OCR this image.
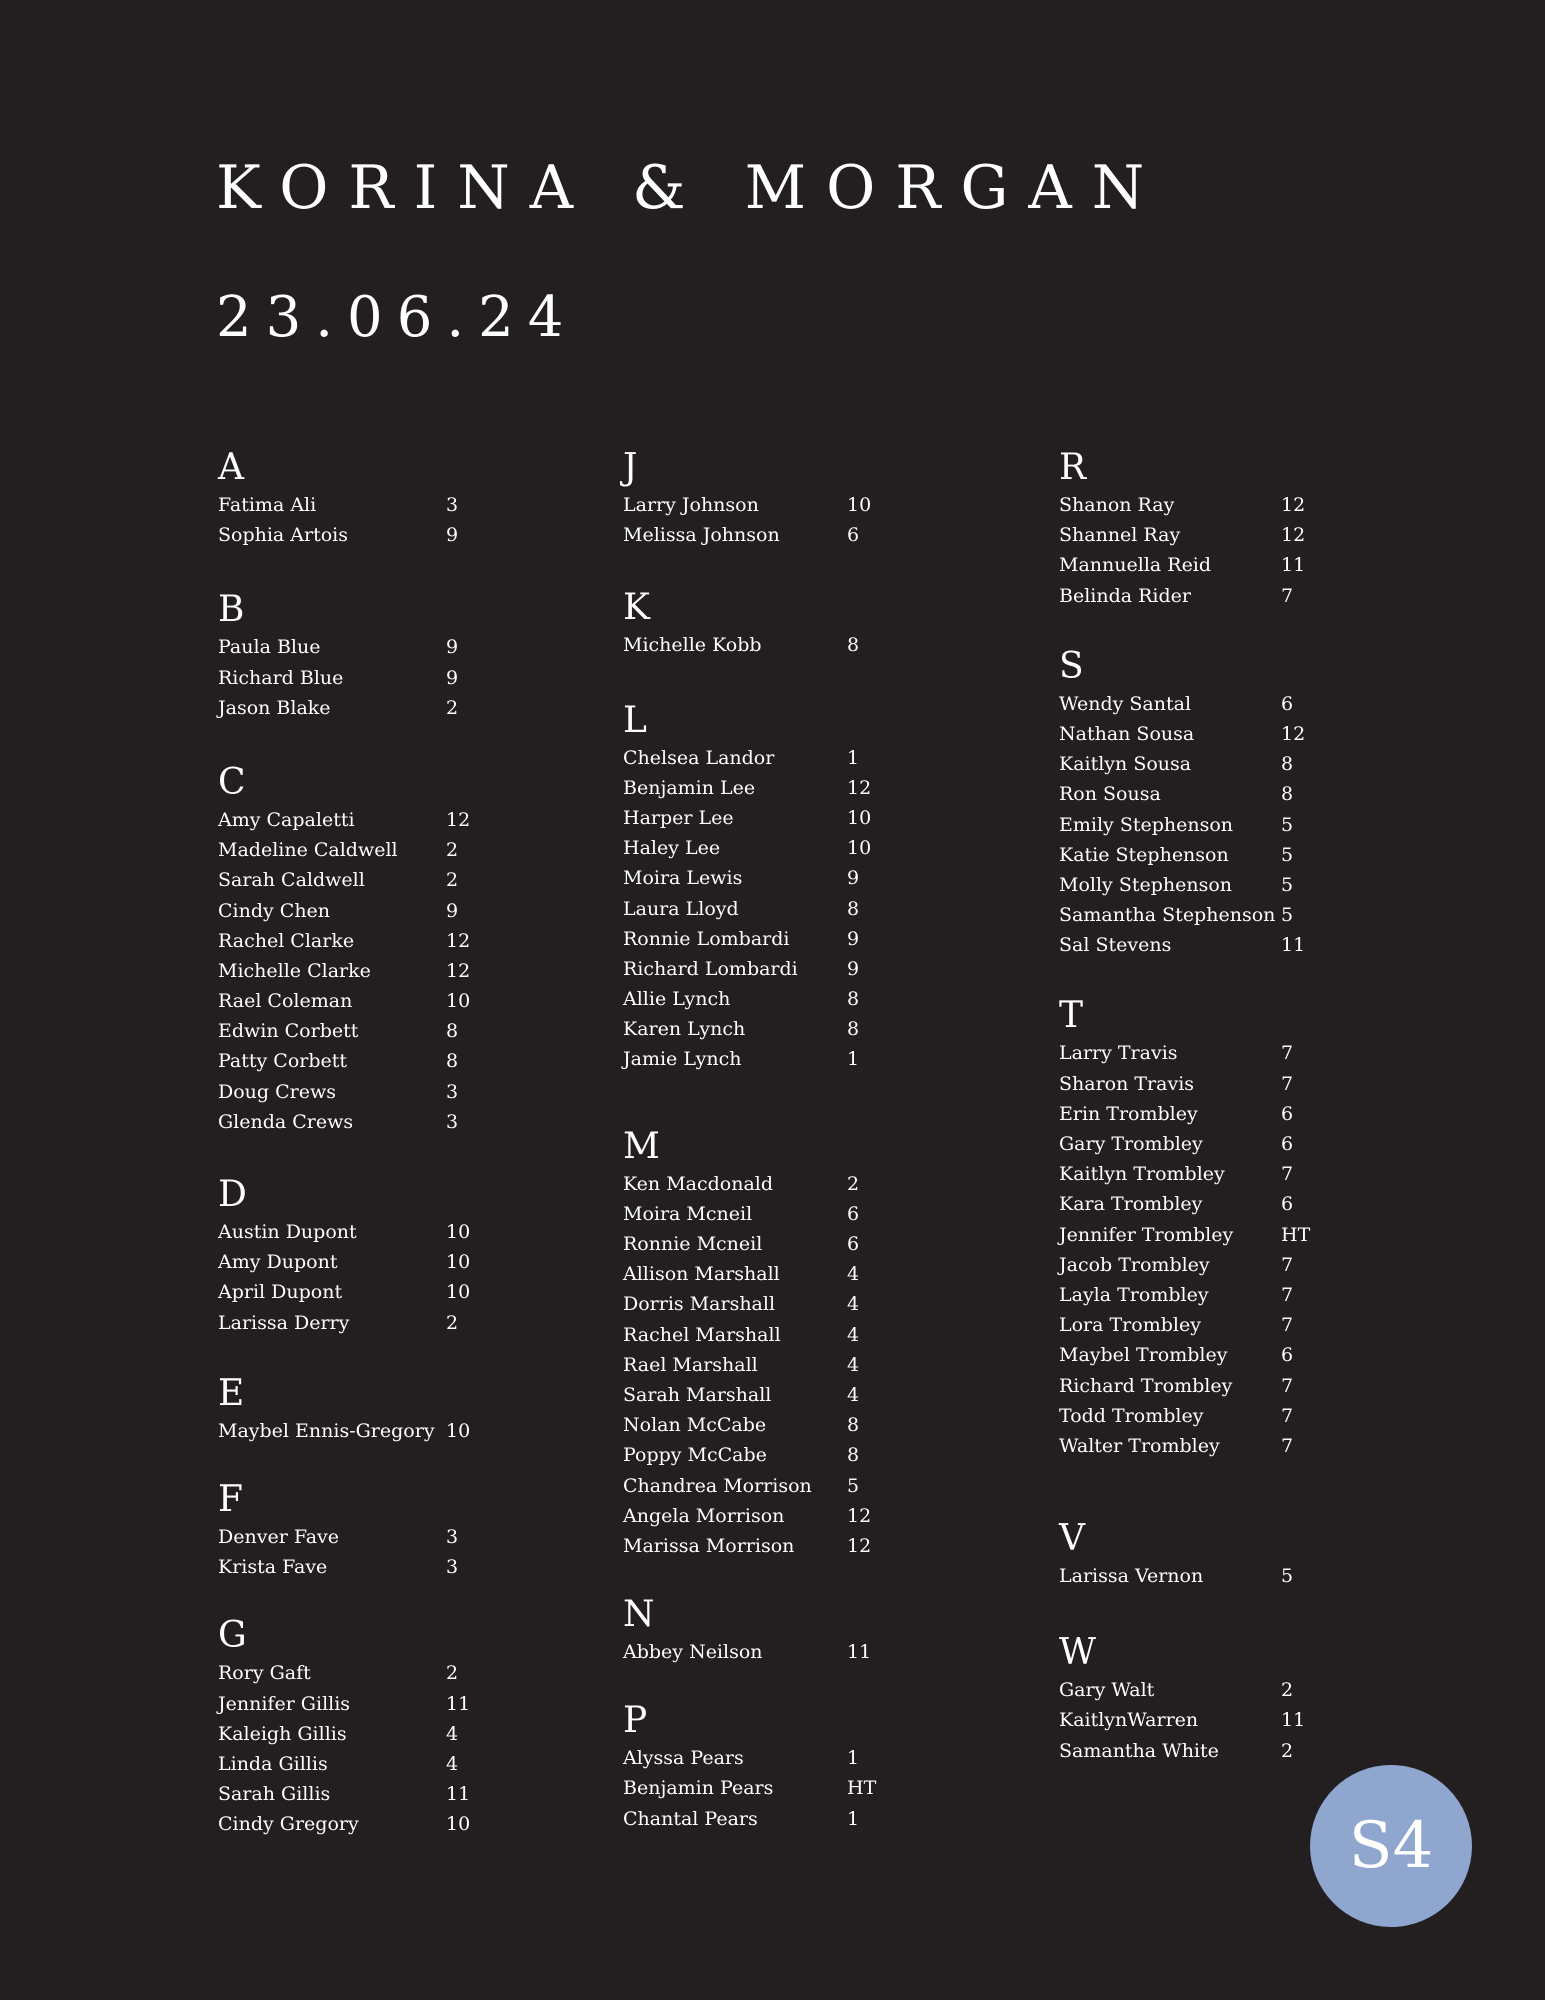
KORINA & MORGAN
23.06.24
A
Fatima Ali	3
Sophia Artois	9
B
Paula Blue	9
Richard Blue	9
Jason Blake	2
C
Amy Capaletti	12
Madeline Caldwell	2
Sarah Caldwell	2
Cindy Chen	9
Rachel Clarke	12
Michelle Clarke	12
Rael Coleman	10
Edwin Corbett	8
Patty Corbett	8
Doug Crews	3
Glenda Crews	3
D
Austin Dupont	10
Amy Dupont	10
April Dupont	10
Larissa Derry	2
E
Maybel Ennis-Gregory 10
F
Denver Fave	3
Krista Fave	3
G
Rory Gaft	2
Jennifer Gillis	11
Kaleigh Gillis	4
Linda Gillis	4
Sarah Gillis	11
Cindy Gregory	10
J
Larry Johnson	10
Melissa Johnson	6
K
Michelle Kobb	8
L
Chelsea Landor	1
Benjamin Lee	12
Harper Lee	10
Haley Lee	10
Moira Lewis	9
Laura Lloyd	8
Ronnie Lombardi	9
Richard Lombardi	9
Allie Lynch	8
Karen Lynch	8
Jamie Lynch	1
M
Ken Macdonald	2
Moira Mcneil	6
Ronnie Mcneil	6
Allison Marshall	4
Dorris Marshall	4
Rachel Marshall	4
Rael Marshall	4
Sarah Marshall	4
Nolan McCabe	8
Poppy McCabe	8
Chandrea Morrison 5
Angela Morrison	12
Marissa Morrison	12
N
Abbey Neilson	11
P
Alyssa Pears	1
Benjamin Pears	HT
Chantal Pears	1
R
Shanon Ray	12
Shannel Ray	12
Mannuella Reid	11
Belinda Rider	7
S
Wendy Santal	6
Nathan Sousa	12
Kaitlyn Sousa	8
Ron Sousa	8
Emily Stephenson	5
Katie Stephenson	5
Molly Stephenson	5
Samantha Stephenson 5
Sal Stevens	11
T
Larry Travis	7
Sharon Travis	7
Erin Trombley	6
Gary Trombley	6
Kaitlyn Trombley	7
Kara Trombley	6
Jennifer Trombley	HT
Jacob Trombley	7
Layla Trombley	7
Lora Trombley	7
Maybel Trombley	6
Richard Trombley	7
Todd Trombley	7
Walter Trombley	7
V
Larissa Vernon	5
W
Gary Walt	2
KaitlynWarren	11
Samantha White	2
S4
